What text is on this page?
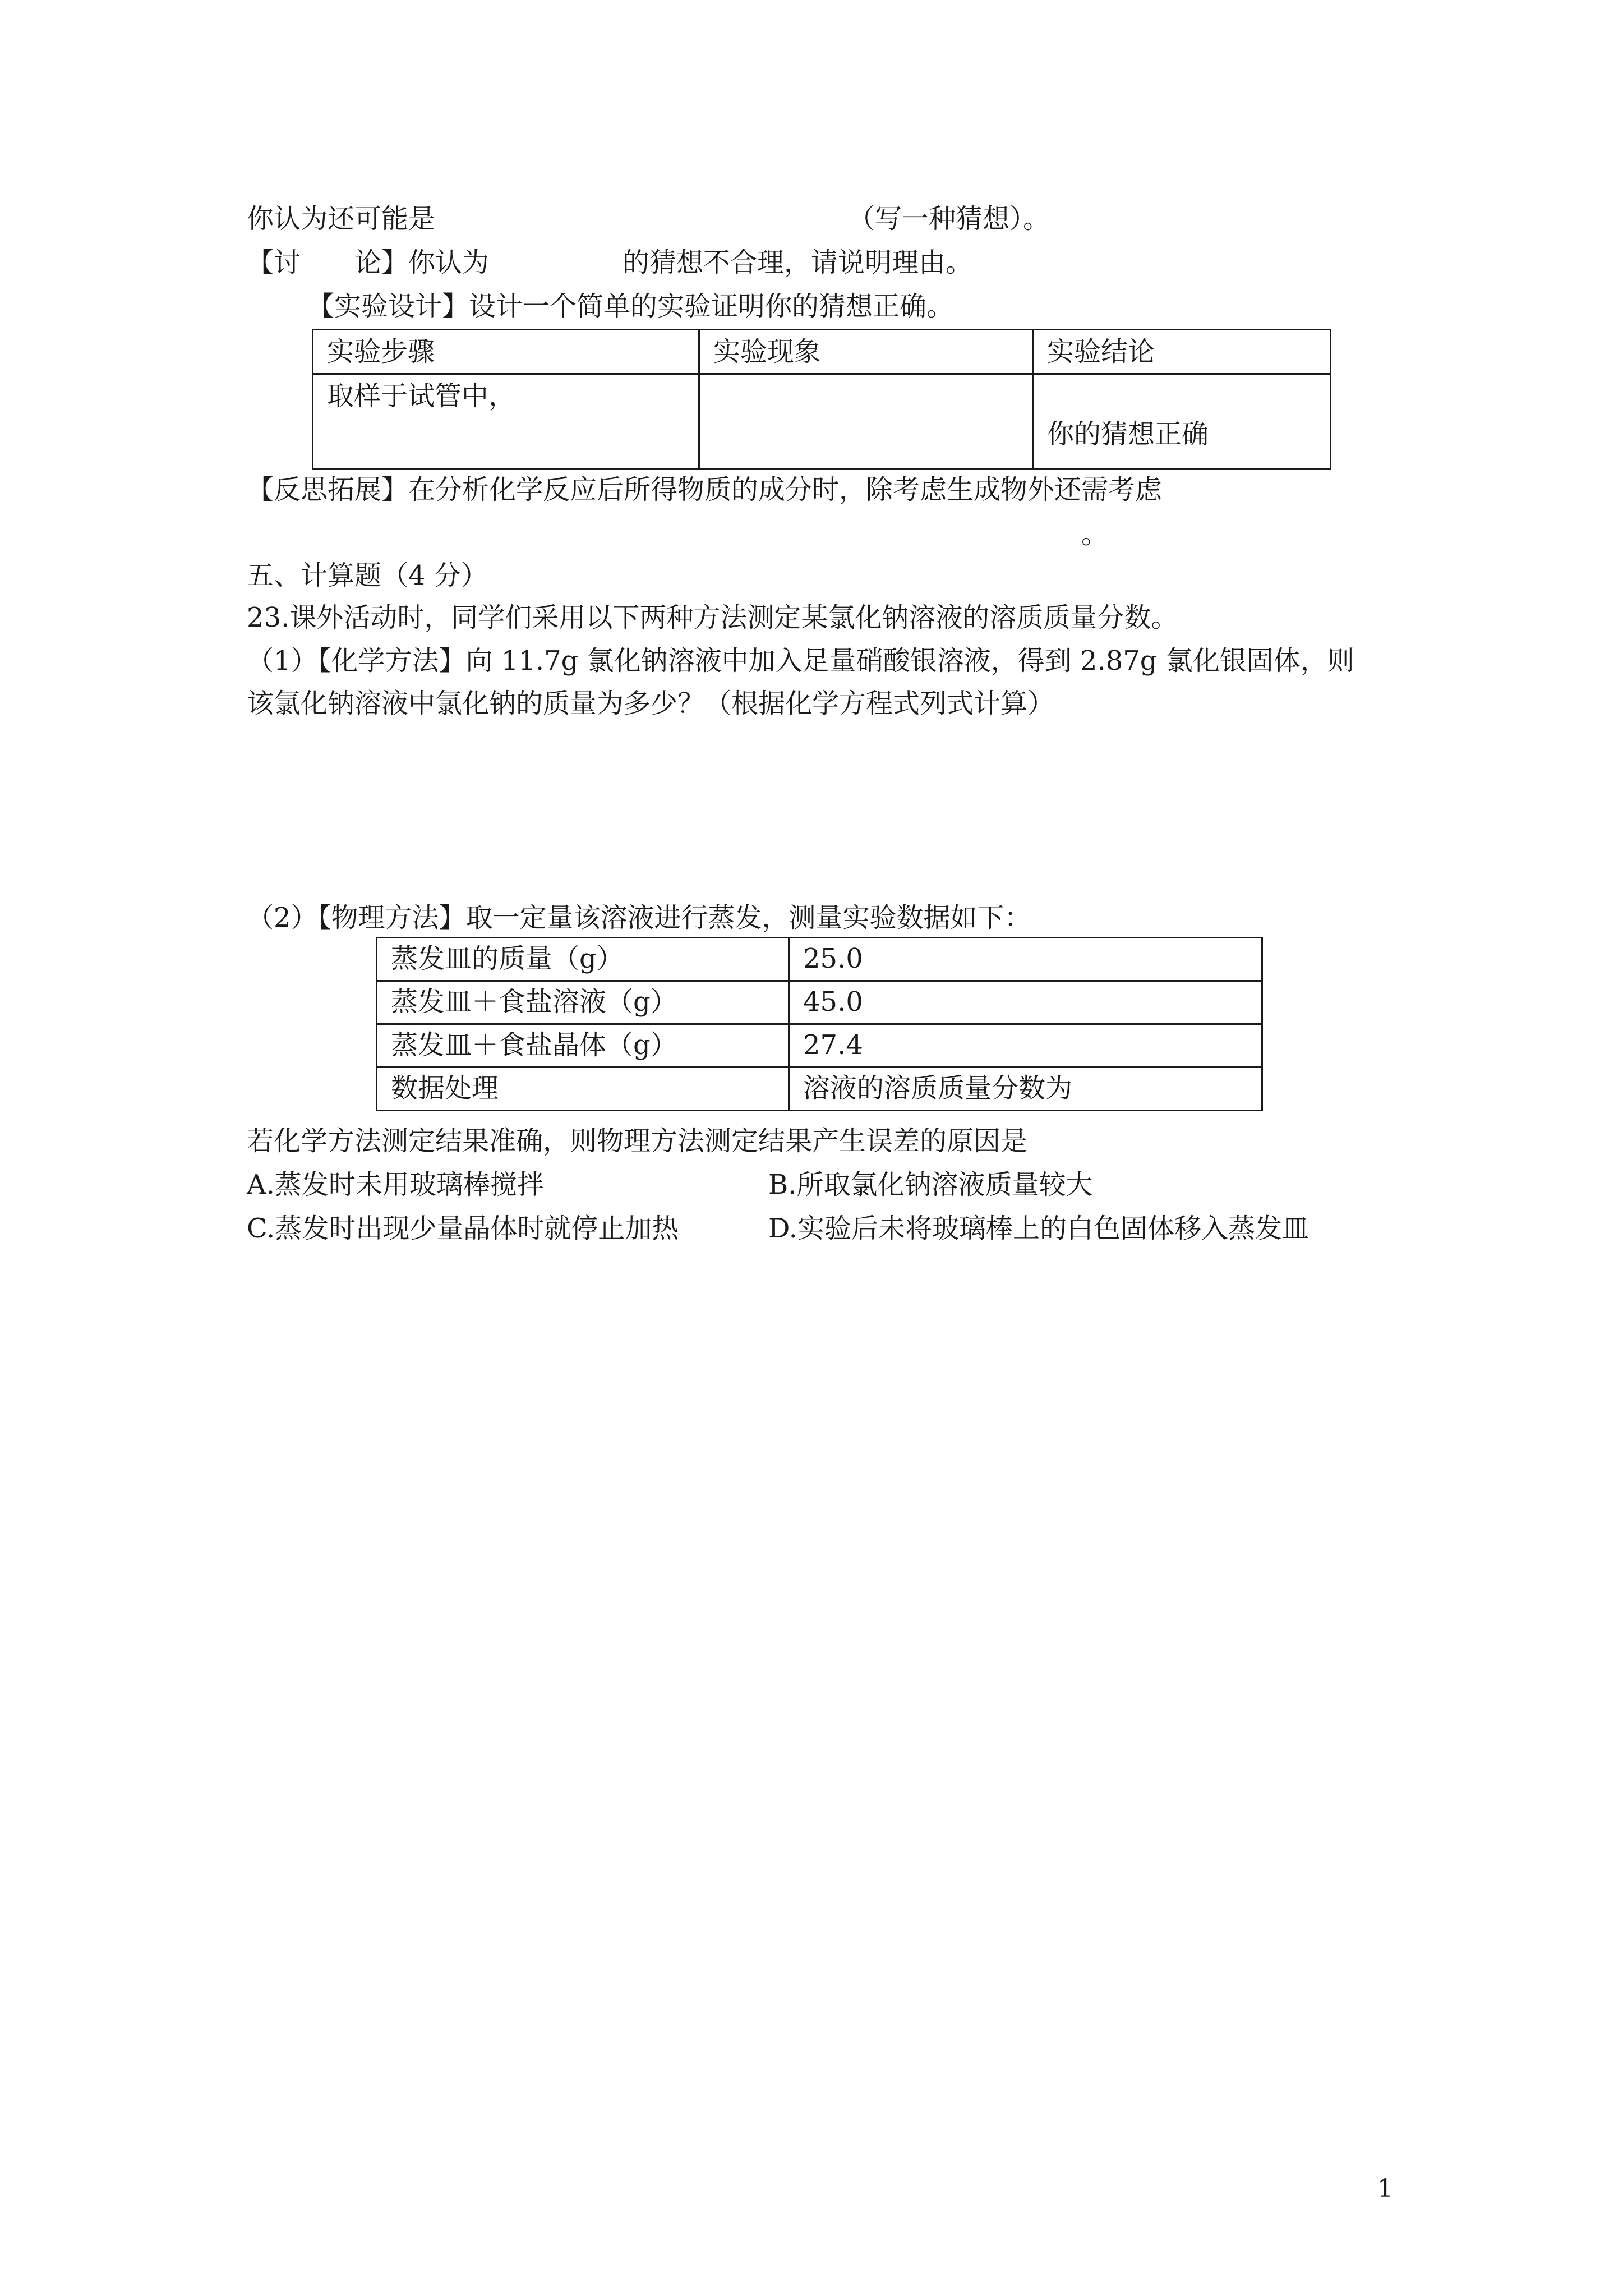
你认为还可能是	（写一种猜想）。
【讨　　论】你认为	的猜想不合理，请说明理由。
【实验设计】设计一个简单的实验证明你的猜想正确。
实验步骤	实验现象	实验结论
取样于试管中，		你的猜想正确
【反思拓展】在分析化学反应后所得物质的成分时，除考虑生成物外还需考虑
。
五、计算题（4 分）
23.课外活动时，同学们采用以下两种方法测定某氯化钠溶液的溶质质量分数。
（1）【化学方法】向 11.7g 氯化钠溶液中加入足量硝酸银溶液，得到 2.87g 氯化银固体，则
该氯化钠溶液中氯化钠的质量为多少？（根据化学方程式列式计算）
（2）【物理方法】取一定量该溶液进行蒸发，测量实验数据如下：
蒸发皿的质量（g）	25.0
蒸发皿＋食盐溶液（g）	45.0
蒸发皿＋食盐晶体（g）	27.4
数据处理	溶液的溶质质量分数为
若化学方法测定结果准确，则物理方法测定结果产生误差的原因是
A.蒸发时未用玻璃棒搅拌	B.所取氯化钠溶液质量较大
C.蒸发时出现少量晶体时就停止加热	D.实验后未将玻璃棒上的白色固体移入蒸发皿
1
